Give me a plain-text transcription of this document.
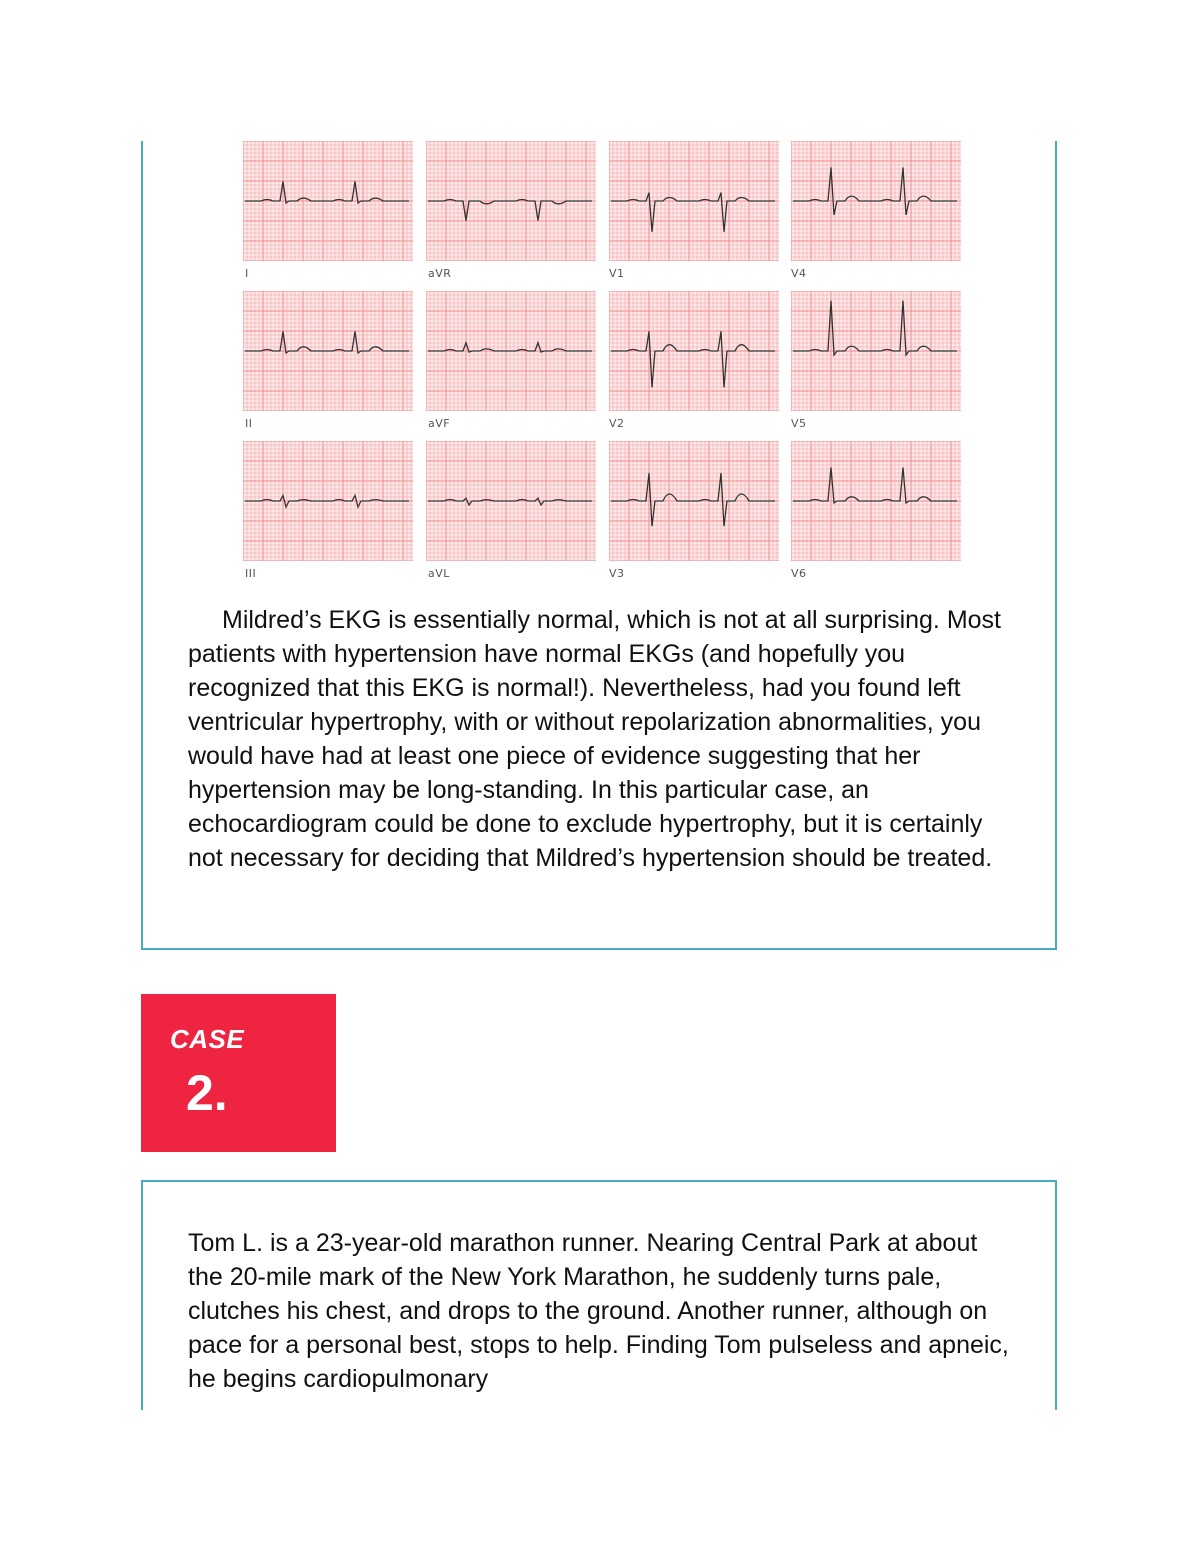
I	aVR	V1	V4
II	aVF	V2	V5
III	aVL	V3	V6

Mildred’s EKG is essentially normal, which is not at all surprising. Most patients with hypertension have normal EKGs (and hopefully you recognized that this EKG is normal!). Nevertheless, had you found left ventricular hypertrophy, with or without repolarization abnormalities, you would have had at least one piece of evidence suggesting that her hypertension may be long-standing. In this particular case, an echocardiogram could be done to exclude hypertrophy, but it is certainly not necessary for deciding that Mildred’s hypertension should be treated.

CASE
2.

Tom L. is a 23-year-old marathon runner. Nearing Central Park at about the 20-mile mark of the New York Marathon, he suddenly turns pale, clutches his chest, and drops to the ground. Another runner, although on pace for a personal best, stops to help. Finding Tom pulseless and apneic, he begins cardiopulmonary
